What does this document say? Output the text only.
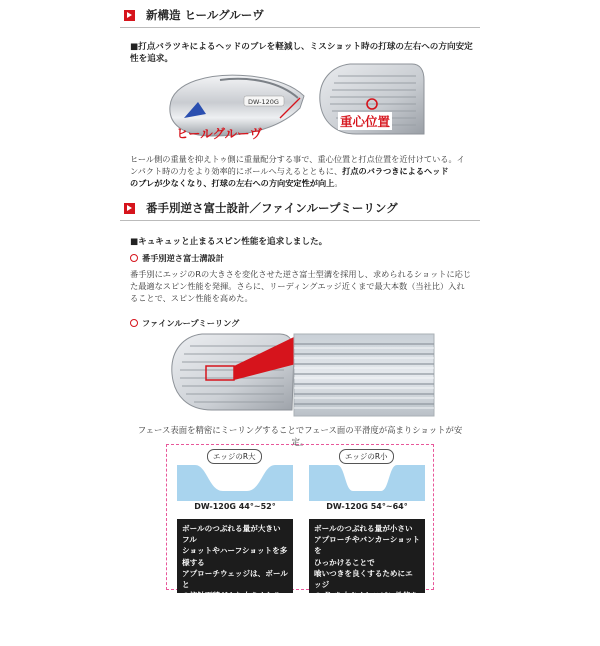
新構造 ヒールグルーヴ
■打点バラツキによるヘッドのブレを軽減し、ミスショット時の打球の左右への方向安定
性を追求。
DW-120G
ヒールグルーヴ
重心位置
ヒール側の重量を抑えトゥ側に重量配分する事で、重心位置と打点位置を近付けている。イ
ンパクト時の力をより効率的にボールへ与えるとともに、打点のバラつきによるヘッド
のブレが少なくなり、打球の左右への方向安定性が向上。
番手別逆さ富士設計／ファインループミーリング
■キュキュッと止まるスピン性能を追求しました。
番手別逆さ富士溝設計
番手別にエッジのRの大きさを変化させた逆さ富士型溝を採用し、求められるショットに応じ
た最適なスピン性能を発揮。さらに、リーディングエッジ近くまで最大本数（当社比）入れ
ることで、スピン性能を高めた。
ファインループミーリング
フェース表面を精密にミーリングすることでフェース面の平滑度が高まりショットが安定。
エッジのR大
DW-120G 44°~52°
ボールのつぶれる量が大きいフル
ショットやハーフショットを多様する
アプローチウェッジは、ボールと
の接触面積がより大きくなるよう
エッジの Ｒ を大きくしスピン性能を
高めた。
エッジのR小
DW-120G 54°~64°
ボールのつぶれる量が小さい
アプローチやバンカーショットを
ひっかけることで
喰いつきを良くするためにエッジ
の Ｒ を小さくしスピン性能を
高めた。
